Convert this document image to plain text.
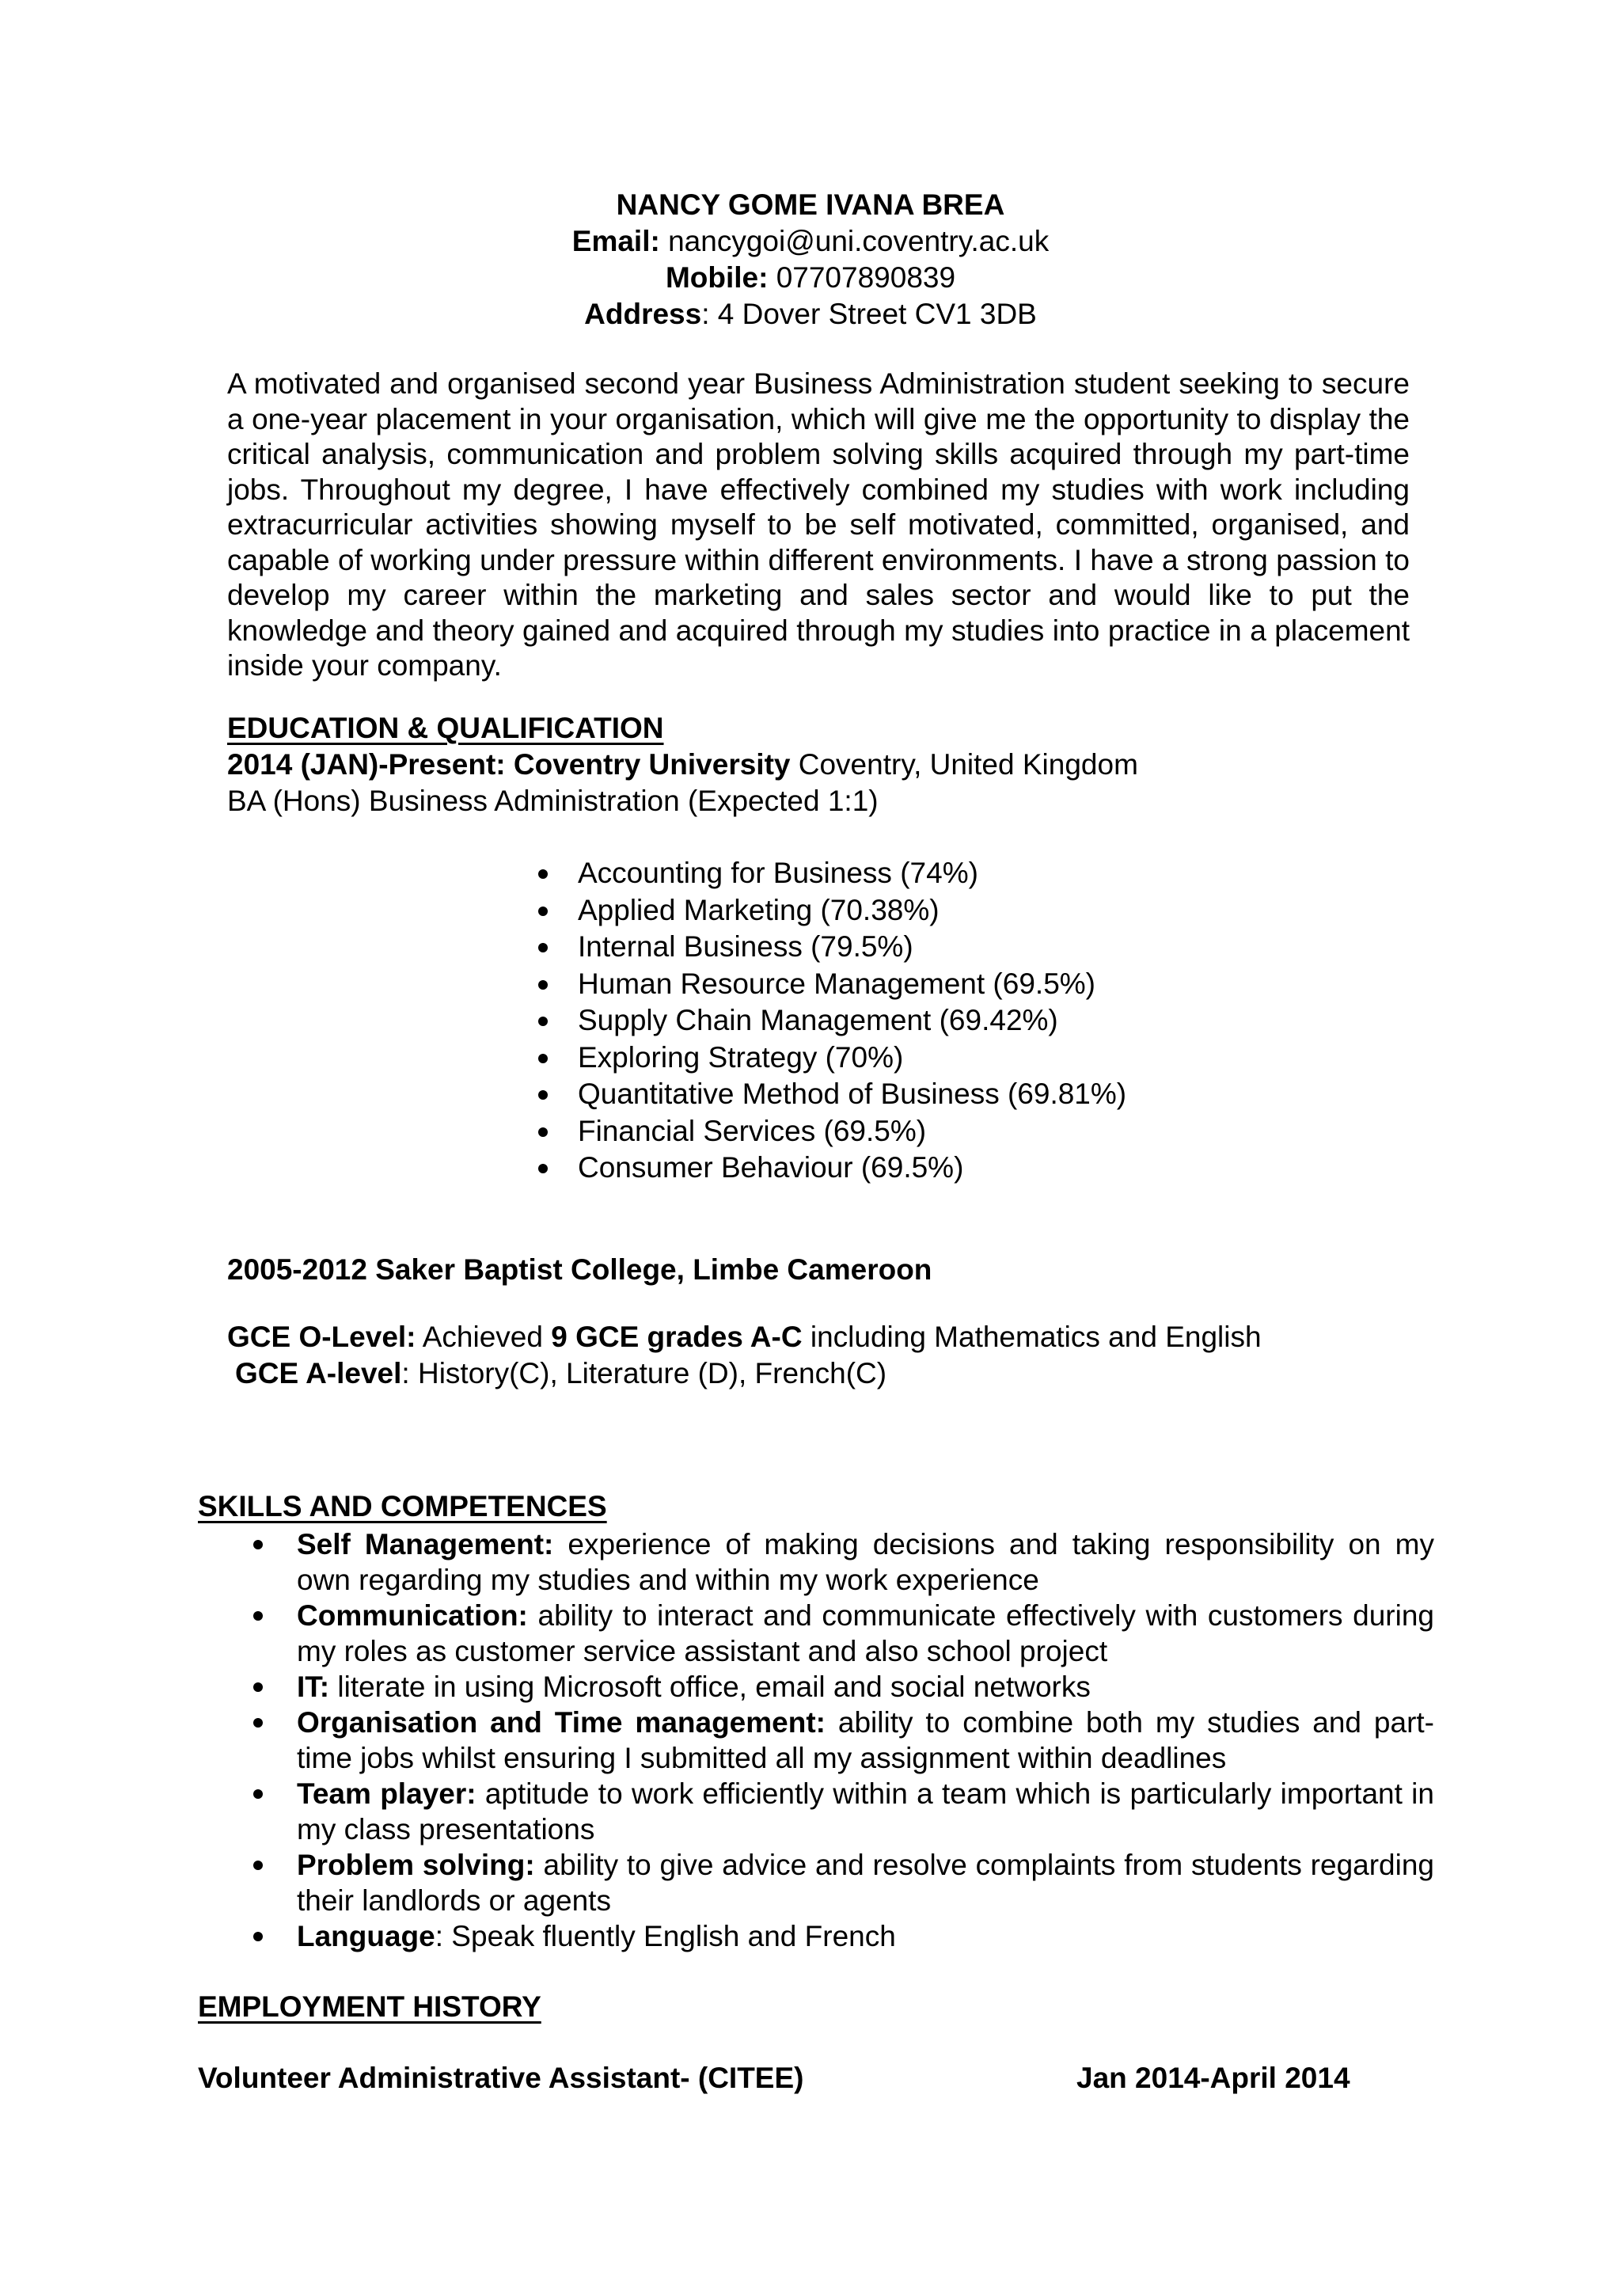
NANCY GOME IVANA BREA
Email: nancygoi@uni.coventry.ac.uk
Mobile: 07707890839
Address: 4 Dover Street CV1 3DB
A motivated and organised second year Business Administration student seeking to secure a one-year placement in your organisation, which will give me the opportunity to display the critical analysis, communication and problem solving skills acquired through my part-time jobs. Throughout my degree, I have effectively combined my studies with work including extracurricular activities showing myself to be self motivated, committed, organised, and capable of working under pressure within different environments. I have a strong passion to develop my career within the marketing and sales sector and would like to put the knowledge and theory gained and acquired through my studies into practice in a placement inside your company.
EDUCATION & QUALIFICATION
2014 (JAN)-Present: Coventry University Coventry, United Kingdom
BA (Hons) Business Administration (Expected 1:1)
Accounting for Business (74%)
Applied Marketing (70.38%)
Internal Business (79.5%)
Human Resource Management (69.5%)
Supply Chain Management (69.42%)
Exploring Strategy (70%)
Quantitative Method of Business (69.81%)
Financial Services (69.5%)
Consumer Behaviour (69.5%)
2005-2012 Saker Baptist College, Limbe Cameroon
GCE O-Level: Achieved 9 GCE grades A-C including Mathematics and English
GCE A-level: History(C), Literature (D), French(C)
SKILLS AND COMPETENCES
Self Management: experience of making decisions and taking responsibility on my own regarding my studies and within my work experience
Communication: ability to interact and communicate effectively with customers during my roles as customer service assistant and also school project
IT: literate in using Microsoft office, email and social networks
Organisation and Time management: ability to combine both my studies and part-time jobs whilst ensuring I submitted all my assignment within deadlines
Team player: aptitude to work efficiently within a team which is particularly important in my class presentations
Problem solving: ability to give advice and resolve complaints from students regarding their landlords or agents
Language: Speak fluently English and French
EMPLOYMENT HISTORY
Volunteer Administrative Assistant- (CITEE)	Jan 2014-April 2014
